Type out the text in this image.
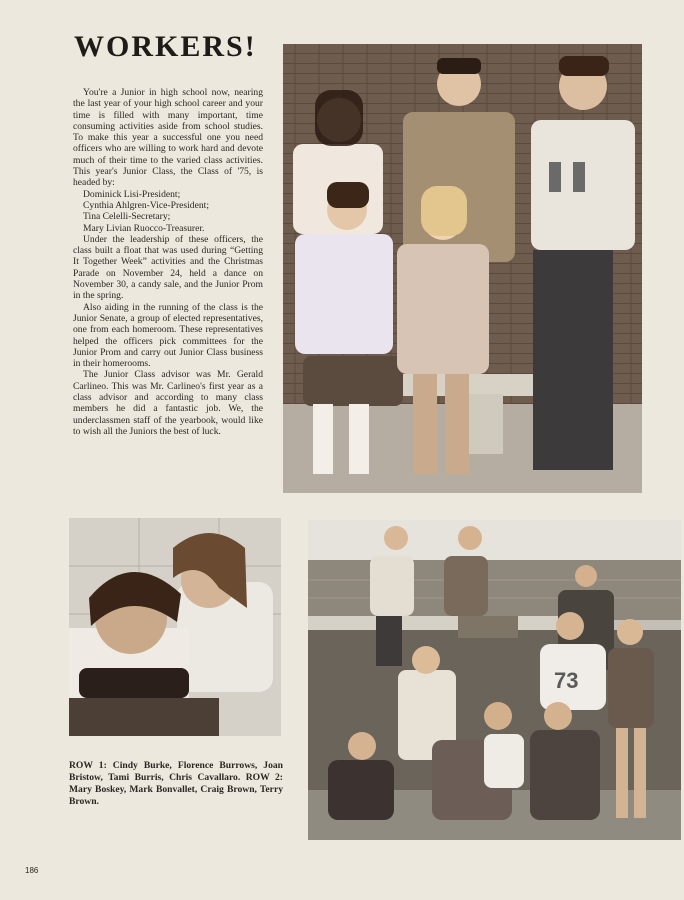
WORKERS!

You're a Junior in high school now, nearing the last year of your high school career and your time is filled with many important, time consuming activities aside from school studies. To make this year a successful one you need officers who are willing to work hard and devote much of their time to the varied class activities. This year's Junior Class, the Class of '75, is headed by:

Dominick Lisi-President;

Cynthia Ahlgren-Vice-President;

Tina Celelli-Secretary;

Mary Livian Ruocco-Treasurer.

Under the leadership of these officers, the class built a float that was used during “Getting It Together Week” activities and the Christmas Parade on November 24, held a dance on November 30, a candy sale, and the Junior Prom in the spring.

Also aiding in the running of the class is the Junior Senate, a group of elected representatives, one from each homeroom. These representatives helped the officers pick committees for the Junior Prom and carry out Junior Class business in their homerooms.

The Junior Class advisor was Mr. Gerald Carlineo. This was Mr. Carlineo's first year as a class advisor and according to many class members he did a fantastic job. We, the underclassmen staff of the yearbook, would like to wish all the Juniors the best of luck.

ROW 1: Cindy Burke, Florence Burrows, Joan Bristow, Tami Burris, Chris Cavallaro. ROW 2: Mary Boskey, Mark Bonvallet, Craig Brown, Terry Brown.
73
186
